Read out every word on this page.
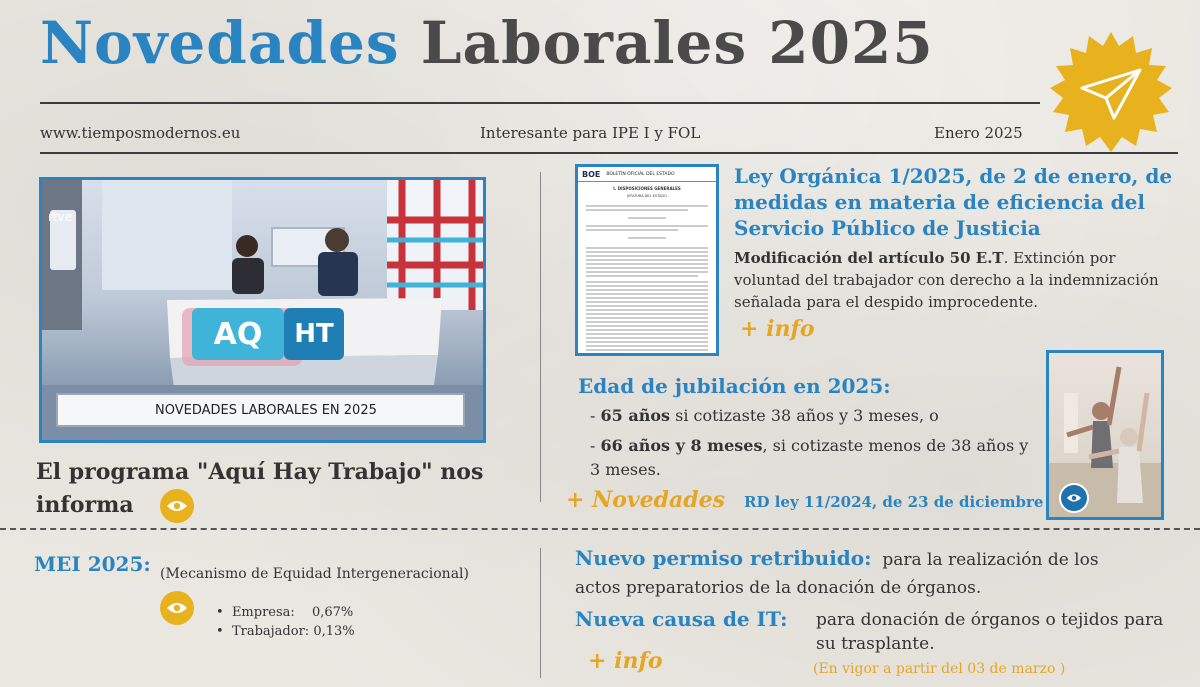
Novedades Laborales 2025
www.tiemposmodernos.eu	Interesante para IPE I y FOL	Enero 2025
AQ HT
rtve
NOVEDADES LABORALES EN 2025
El programa "Aquí Hay Trabajo" nos informa
BOE BOLETÍN OFICIAL DEL ESTADO
I. DISPOSICIONES GENERALES
JEFATURA DEL ESTADO
Ley Orgánica 1/2025, de 2 de enero, de medidas en materia de eficiencia del Servicio Público de Justicia
Modificación del artículo 50 E.T. Extinción por voluntad del trabajador con derecho a la indemnización señalada para el despido improcedente.
+ info
Edad de jubilación en 2025:
- 65 años si cotizaste 38 años y 3 meses, o
- 66 años y 8 meses, si cotizaste menos de 38 años y 3 meses.
+ Novedades RD ley 11/2024, de 23 de diciembre
MEI 2025: (Mecanismo de Equidad Intergeneracional)
•  Empresa: 0,67%
•  Trabajador: 0,13%
Nuevo permiso retribuido: para la realización de los
actos preparatorios de la donación de órganos.
Nueva causa de IT: para donación de órganos o tejidos para su trasplante.
+ info	(En vigor a partir del 03 de marzo )
